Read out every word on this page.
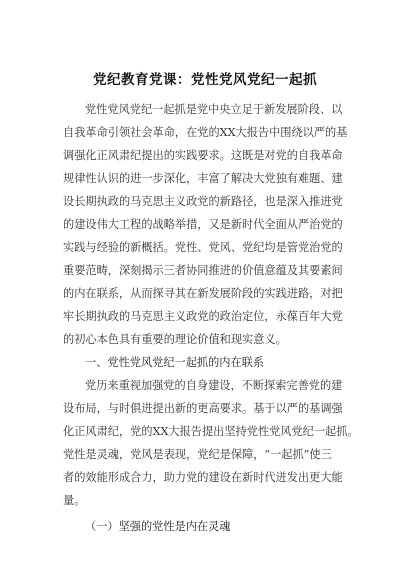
党纪教育党课：党性党风党纪一起抓
党性党风党纪一起抓是党中央立足于新发展阶段、以
自我革命引领社会革命，在党的XX大报告中围绕以严的基
调强化正风肃纪提出的实践要求。这既是对党的自我革命
规律性认识的进一步深化，丰富了解决大党独有难题、建
设长期执政的马克思主义政党的新路径，也是深入推进党
的建设伟大工程的战略举措，又是新时代全面从严治党的
实践与经验的新概括。党性、党风、党纪均是管党治党的
重要范畴，深刻揭示三者协同推进的价值意蕴及其要素间
的内在联系，从而探寻其在新发展阶段的实践进路，对把
牢长期执政的马克思主义政党的政治定位，永葆百年大党
的初心本色具有重要的理论价值和现实意义。
一、党性党风党纪一起抓的内在联系
党历来重视加强党的自身建设，不断探索完善党的建
设布局，与时俱进提出新的更高要求。基于以严的基调强
化正风肃纪，党的XX大报告提出坚持党性党风党纪一起抓。
党性是灵魂，党风是表现，党纪是保障，“一起抓”使三
者的效能形成合力，助力党的建设在新时代迸发出更大能
量。
（一）坚强的党性是内在灵魂
